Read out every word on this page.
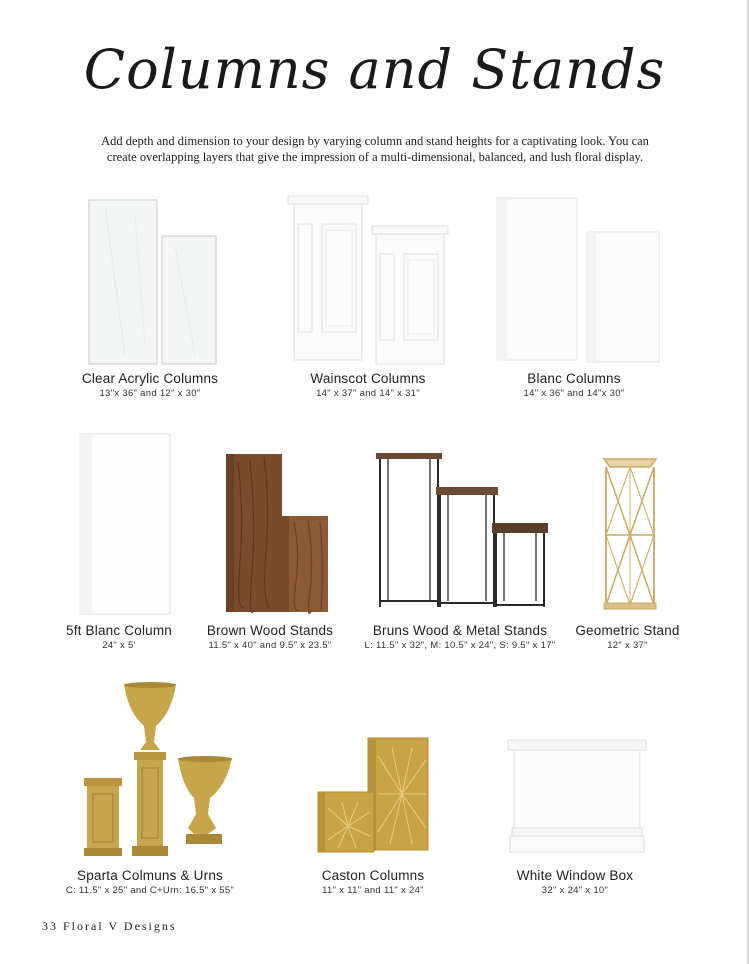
Columns and Stands
Add depth and dimension to your design by varying column and stand heights for a captivating look. You can create overlapping layers that give the impression of a multi-dimensional, balanced, and lush floral display.
Clear Acrylic Columns
13"x 36" and 12" x 30"
Wainscot Columns
14" x 37" and 14" x 31"
Blanc Columns
14" x 36" and 14"x 30"
5ft Blanc Column
24" x 5'
Brown Wood Stands
11.5" x 40" and 9.5" x 23.5"
Bruns Wood & Metal Stands
L: 11.5" x 32", M: 10.5" x 24", S: 9.5" x 17"
Geometric Stand
12" x 37"
Sparta Colmuns & Urns
C: 11.5" x 25" and C+Urn: 16.5" x 55"
Caston Columns
11" x 11" and 11" x 24"
White Window Box
32" x 24" x 10"
33 Floral V Designs
